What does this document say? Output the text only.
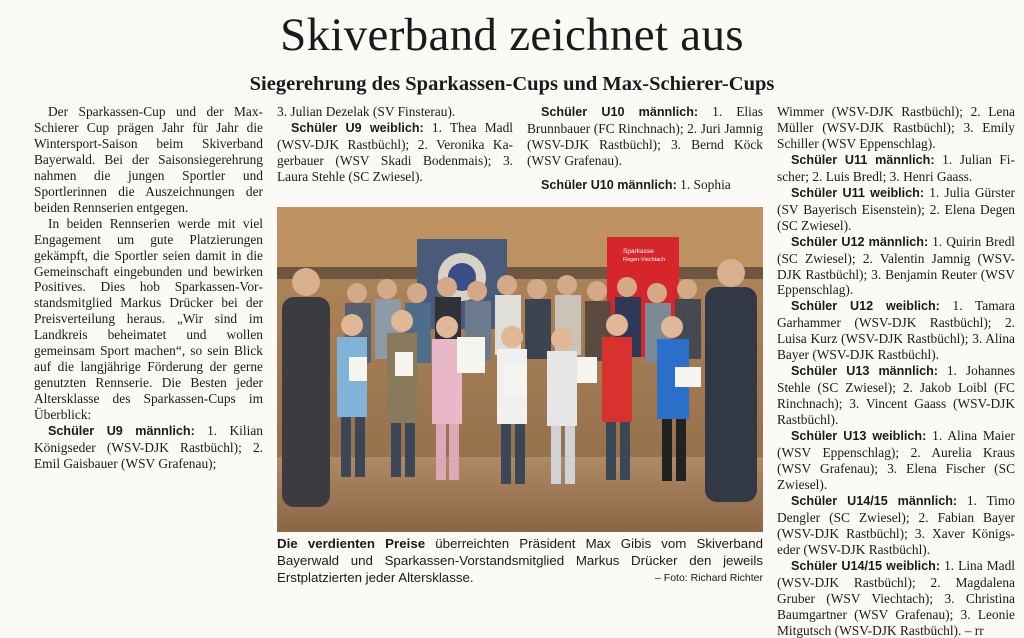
Skiverband zeichnet aus
Siegerehrung des Sparkassen-Cups und Max-Schierer-Cups

Der Sparkassen-Cup und der Max-Schierer Cup prägen Jahr für Jahr die Wintersport-Saison beim Skiverband Bayerwald. Bei der Saisonsiegerehrung nahmen die jungen Sportler und Sportlerinnen die Auszeichnungen der beiden Rennserien entgegen.

In beiden Rennserien werde mit viel Engagement um gute Platzierungen gekämpft, die Sportler seien damit in die Gemeinschaft eingebunden und bewirken Positives. Dies hob Sparkassen-Vorstandsmitglied Markus Drücker bei der Preisverteilung heraus. „Wir sind im Landkreis beheimatet und wollen gemeinsam Sport machen“, so sein Blick auf die langjährige Förderung der gerne genutzten Rennserie. Die Besten jeder Altersklasse des Sparkassen-Cups im Überblick:

Schüler U9 männlich: 1. Kilian Königseder (WSV-DJK Rastbüchl); 2. Emil Gaisbauer (WSV Grafenau);

3. Julian Dezelak (SV Finsterau).

Schüler U9 weiblich: 1. Thea Madl (WSV-DJK Rastbüchl); 2. Veronika Kagerbauer (WSV Skadi Bodenmais); 3. Laura Stehle (SC Zwiesel).

Schüler U10 männlich: 1. Elias Brunnbauer (FC Rinchnach); 2. Juri Jamnig (WSV-DJK Rastbüchl); 3. Bernd Köck (WSV Grafenau).

Schüler U10 männlich: 1. Sophia

Wimmer (WSV-DJK Rastbüchl); 2. Lena Müller (WSV-DJK Rastbüchl); 3. Emily Schiller (WSV Eppenschlag).

Schüler U11 männlich: 1. Julian Fischer; 2. Luis Bredl; 3. Henri Gaass.

Schüler U11 weiblich: 1. Julia Gürster (SV Bayerisch Eisenstein); 2. Elena Degen (SC Zwiesel).

Schüler U12 männlich: 1. Quirin Bredl (SC Zwiesel); 2. Valentin Jamnig (WSV-DJK Rastbüchl); 3. Benjamin Reuter (WSV Eppenschlag).

Schüler U12 weiblich: 1. Tamara Garhammer (WSV-DJK Rastbüchl); 2. Luisa Kurz (WSV-DJK Rastbüchl); 3. Alina Bayer (WSV-DJK Rastbüchl).

Schüler U13 männlich: 1. Johannes Stehle (SC Zwiesel); 2. Jakob Loibl (FC Rinchnach); 3. Vincent Gaass (WSV-DJK Rastbüchl).

Schüler U13 weiblich: 1. Alina Maier (WSV Eppenschlag); 2. Aurelia Kraus (WSV Grafenau); 3. Elena Fischer (SC Zwiesel).

Schüler U14/15 männlich: 1. Timo Dengler (SC Zwiesel); 2. Fabian Bayer (WSV-DJK Rastbüchl); 3. Xaver Königseder (WSV-DJK Rastbüchl).

Schüler U14/15 weiblich: 1. Lina Madl (WSV-DJK Rastbüchl); 2. Magdalena Gruber (WSV Viechtach); 3. Christina Baumgartner (WSV Grafenau); 3. Leonie Mitgutsch (WSV-DJK Rastbüchl). – rr

Sparkasse
Regen-Viechtach
Die verdienten Preise überreichten Präsident Max Gibis vom Skiverband Bayerwald und Sparkassen-Vorstandsmitglied Markus Drücker den jeweils Erstplatzierten jeder Altersklasse.	– Foto: Richard Richter
